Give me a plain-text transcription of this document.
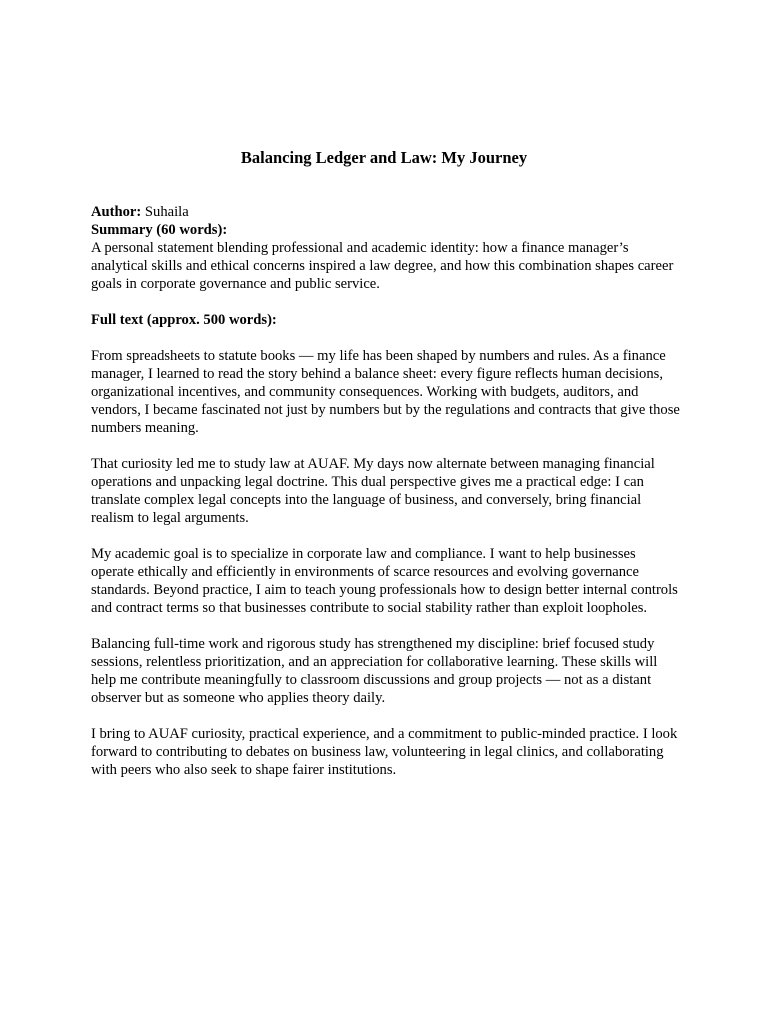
Balancing Ledger and Law: My Journey

Author: Suhaila

Summary (60 words):

A personal statement blending professional and academic identity: how a finance manager’s analytical skills and ethical concerns inspired a law degree, and how this combination shapes career goals in corporate governance and public service.

Full text (approx. 500 words):

From spreadsheets to statute books — my life has been shaped by numbers and rules. As a finance manager, I learned to read the story behind a balance sheet: every figure reflects human decisions, organizational incentives, and community consequences. Working with budgets, auditors, and vendors, I became fascinated not just by numbers but by the regulations and contracts that give those numbers meaning.

That curiosity led me to study law at AUAF. My days now alternate between managing financial operations and unpacking legal doctrine. This dual perspective gives me a practical edge: I can translate complex legal concepts into the language of business, and conversely, bring financial realism to legal arguments.

My academic goal is to specialize in corporate law and compliance. I want to help businesses operate ethically and efficiently in environments of scarce resources and evolving governance standards. Beyond practice, I aim to teach young professionals how to design better internal controls and contract terms so that businesses contribute to social stability rather than exploit loopholes.

Balancing full-time work and rigorous study has strengthened my discipline: brief focused study sessions, relentless prioritization, and an appreciation for collaborative learning. These skills will help me contribute meaningfully to classroom discussions and group projects — not as a distant observer but as someone who applies theory daily.

I bring to AUAF curiosity, practical experience, and a commitment to public-minded practice. I look forward to contributing to debates on business law, volunteering in legal clinics, and collaborating with peers who also seek to shape fairer institutions.
